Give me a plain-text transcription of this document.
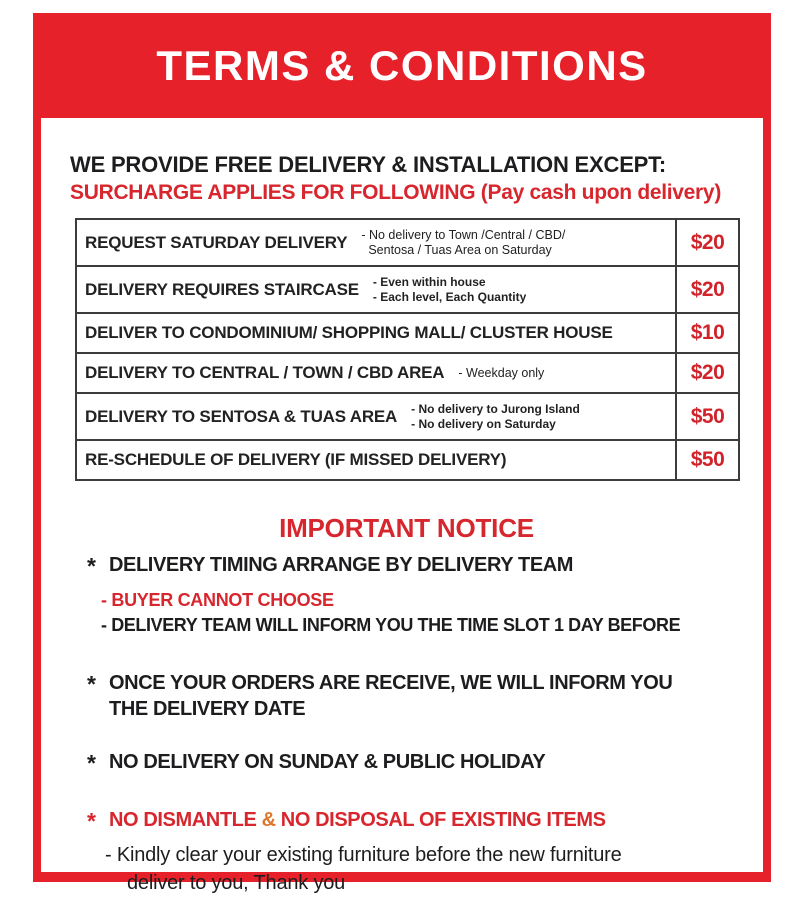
TERMS & CONDITIONS

WE PROVIDE FREE DELIVERY & INSTALLATION EXCEPT:

SURCHARGE APPLIES FOR FOLLOWING (Pay cash upon delivery)

REQUEST SATURDAY DELIVERY - No delivery to Town /Central / CBD/
Sentosa / Tuas Area on Saturday	$20

DELIVERY REQUIRES STAIRCASE - Even within house
- Each level, Each Quantity	$20

DELIVER TO CONDOMINIUM/ SHOPPING MALL/ CLUSTER HOUSE	$10

DELIVERY TO CENTRAL / TOWN / CBD AREA - Weekday only	$20

DELIVERY TO SENTOSA & TUAS AREA - No delivery to Jurong Island
- No delivery on Saturday	$50

RE-SCHEDULE OF DELIVERY (IF MISSED DELIVERY)	$50
IMPORTANT NOTICE
* DELIVERY TIMING ARRANGE BY DELIVERY TEAM
- BUYER CANNOT CHOOSE
- DELIVERY TEAM WILL INFORM YOU THE TIME SLOT 1 DAY BEFORE
* ONCE YOUR ORDERS ARE RECEIVE, WE WILL INFORM YOU
THE DELIVERY DATE
* NO DELIVERY ON SUNDAY & PUBLIC HOLIDAY
* NO DISMANTLE & NO DISPOSAL OF EXISTING ITEMS
- Kindly clear your existing furniture before the new furniture
deliver to you, Thank you
